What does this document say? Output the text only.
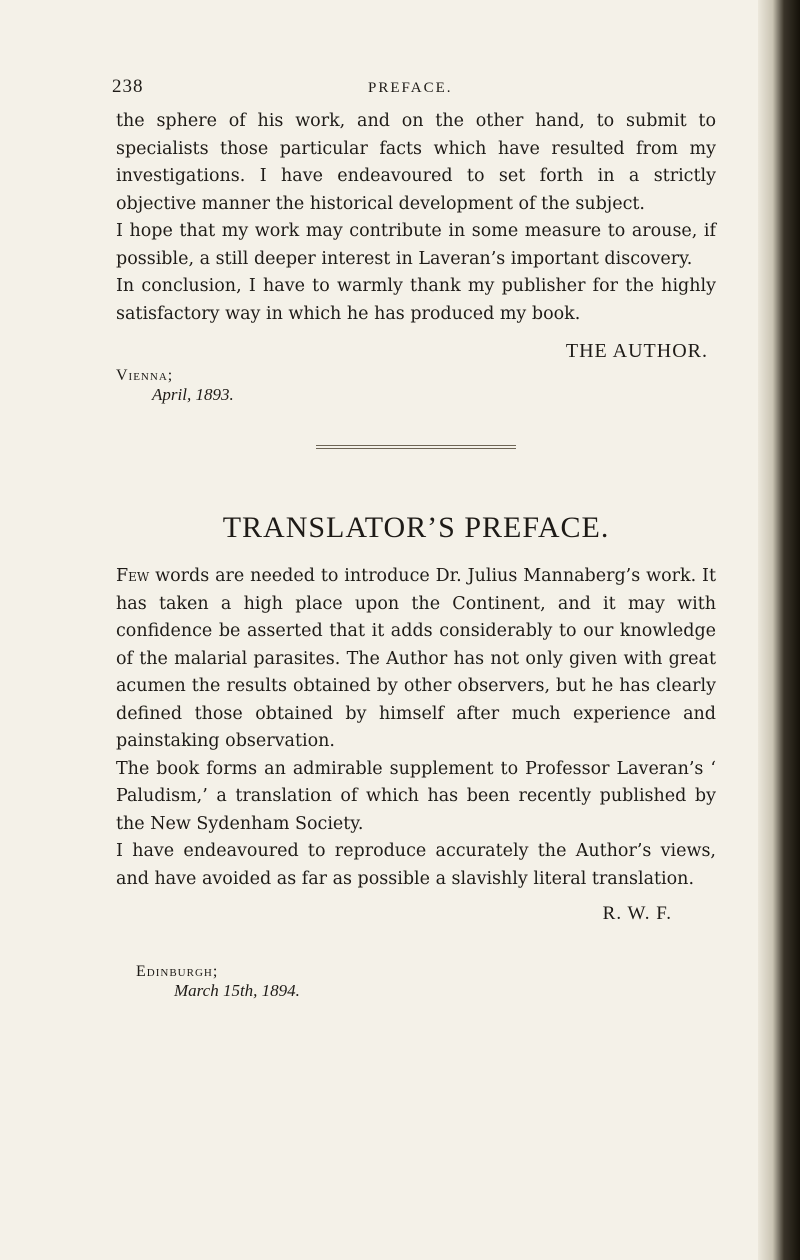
238	PREFACE.

the sphere of his work, and on the other hand, to submit to specialists those particular facts which have resulted from my investigations. I have endeavoured to set forth in a strictly objective manner the historical development of the subject.

I hope that my work may contribute in some measure to arouse, if possible, a still deeper interest in Laveran’s important discovery.

In conclusion, I have to warmly thank my publisher for the highly satisfactory way in which he has produced my book.

THE AUTHOR.
Vienna;
April, 1893.
TRANSLATOR’S PREFACE.

Few words are needed to introduce Dr. Julius Mannaberg’s work. It has taken a high place upon the Continent, and it may with confidence be asserted that it adds considerably to our knowledge of the malarial parasites. The Author has not only given with great acumen the results obtained by other observers, but he has clearly defined those obtained by himself after much experience and painstaking observation.

The book forms an admirable supplement to Professor Laveran’s ‘ Paludism,’ a translation of which has been recently published by the New Sydenham Society.

I have endeavoured to reproduce accurately the Author’s views, and have avoided as far as possible a slavishly literal translation.

R. W. F.
Edinburgh;
March 15th, 1894.
